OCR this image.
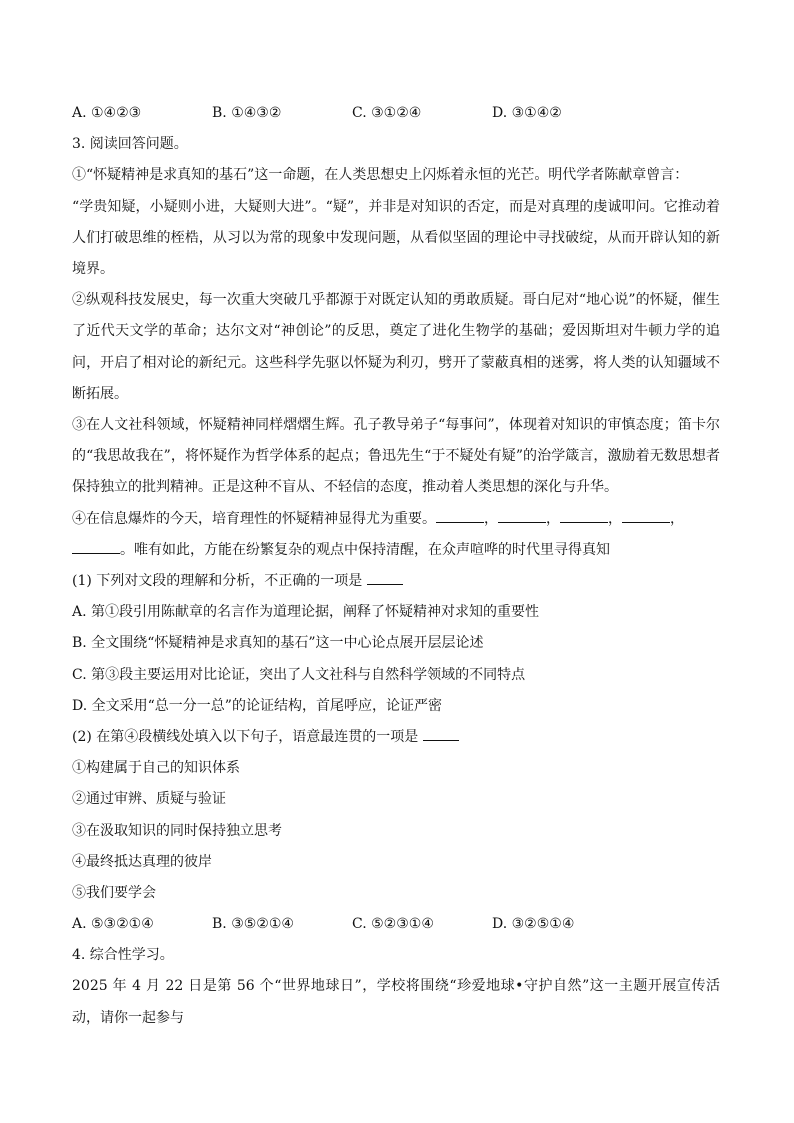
A. ①④②③	B. ①④③②	C. ③①②④	D. ③①④②

3. 阅读回答问题。

①“怀疑精神是求真知的基石”这一命题，在人类思想史上闪烁着永恒的光芒。明代学者陈献章曾言：

“学贵知疑，小疑则小进，大疑则大进”。“疑”，并非是对知识的否定，而是对真理的虔诚叩问。它推动着人们打破思维的桎梏，从习以为常的现象中发现问题，从看似坚固的理论中寻找破绽，从而开辟认知的新境界。

②纵观科技发展史，每一次重大突破几乎都源于对既定认知的勇敢质疑。哥白尼对“地心说”的怀疑，催生了近代天文学的革命；达尔文对“神创论”的反思，奠定了进化生物学的基础；爱因斯坦对牛顿力学的追问，开启了相对论的新纪元。这些科学先驱以怀疑为利刃，劈开了蒙蔽真相的迷雾，将人类的认知疆域不断拓展。

③在人文社科领域，怀疑精神同样熠熠生辉。孔子教导弟子“每事问”，体现着对知识的审慎态度；笛卡尔的“我思故我在”，将怀疑作为哲学体系的起点；鲁迅先生“于不疑处有疑”的治学箴言，激励着无数思想者保持独立的批判精神。正是这种不盲从、不轻信的态度，推动着人类思想的深化与升华。

④在信息爆炸的今天，培育理性的怀疑精神显得尤为重要。	，	，	，	，
。唯有如此，方能在纷繁复杂的观点中保持清醒，在众声喧哗的时代里寻得真知

(1) 下列对文段的理解和分析，不正确的一项是

A. 第①段引用陈献章的名言作为道理论据，阐释了怀疑精神对求知的重要性

B. 全文围绕“怀疑精神是求真知的基石”这一中心论点展开层层论述

C. 第③段主要运用对比论证，突出了人文社科与自然科学领域的不同特点

D. 全文采用“总一分一总”的论证结构，首尾呼应，论证严密

(2) 在第④段横线处填入以下句子，语意最连贯的一项是

①构建属于自己的知识体系

②通过审辨、质疑与验证

③在汲取知识的同时保持独立思考

④最终抵达真理的彼岸

⑤我们要学会

A. ⑤③②①④	B. ③⑤②①④	C. ⑤②③①④	D. ③②⑤①④

4. 综合性学习。

2025 年 4 月 22 日是第 56 个“世界地球日”，学校将围绕“珍爱地球•守护自然”这一主题开展宣传活动，请你一起参与
